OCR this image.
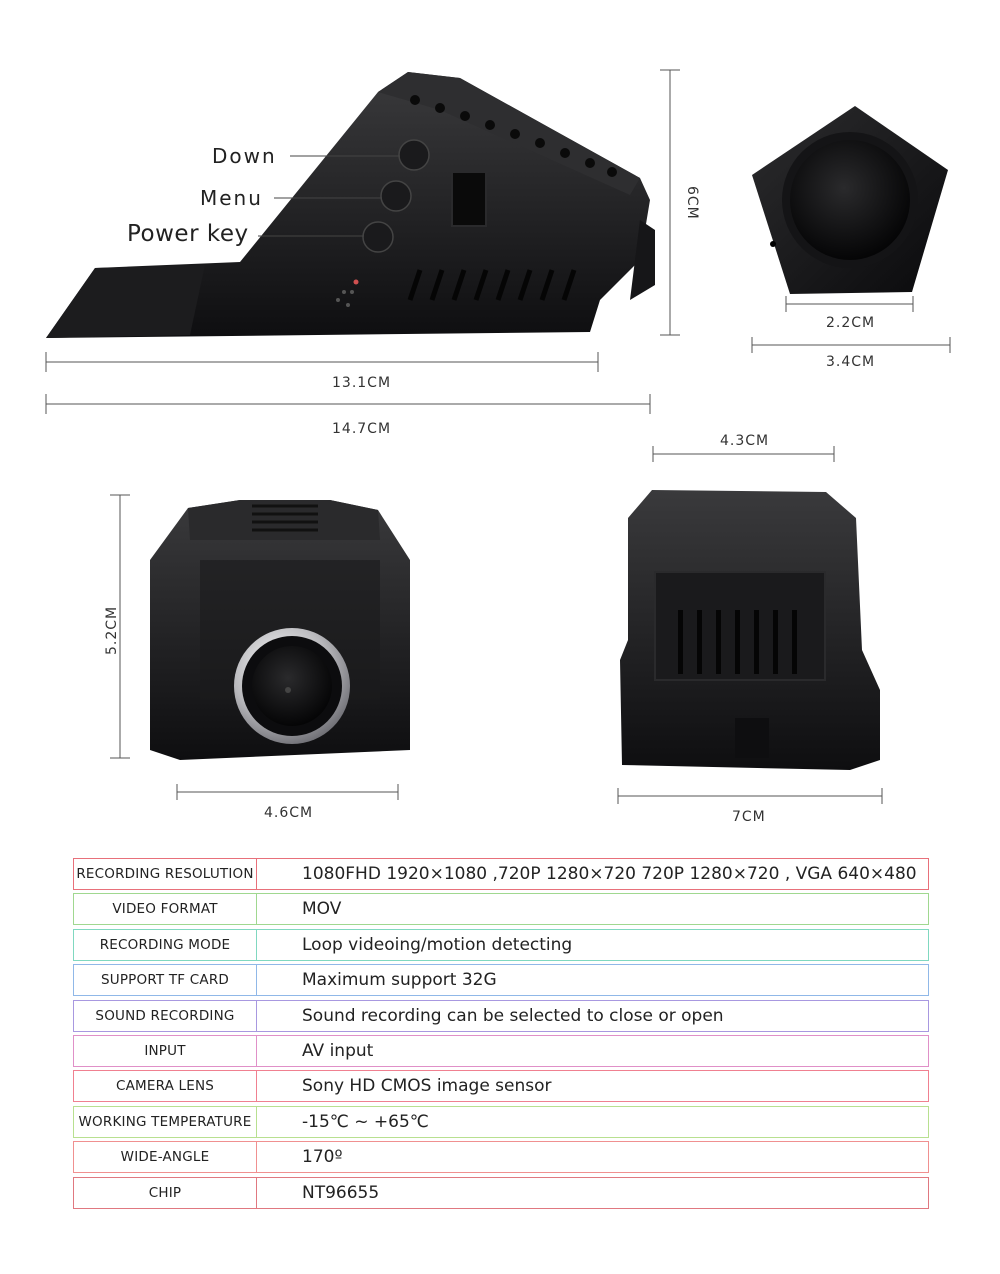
Down
Menu
Power key
6CM
13.1CM
14.7CM
2.2CM
3.4CM
5.2CM
4.6CM
4.3CM
7CM
RECORDING RESOLUTION	1080FHD 1920×1080 ,720P 1280×720 720P 1280×720 , VGA 640×480
VIDEO FORMAT	MOV
RECORDING MODE	Loop videoing/motion detecting
SUPPORT TF CARD	Maximum support 32G
SOUND RECORDING	Sound recording can be selected to close or open
INPUT	AV input
CAMERA LENS	Sony HD CMOS image sensor
WORKING TEMPERATURE	-15℃ ~ +65℃
WIDE-ANGLE	170º
CHIP	NT96655
